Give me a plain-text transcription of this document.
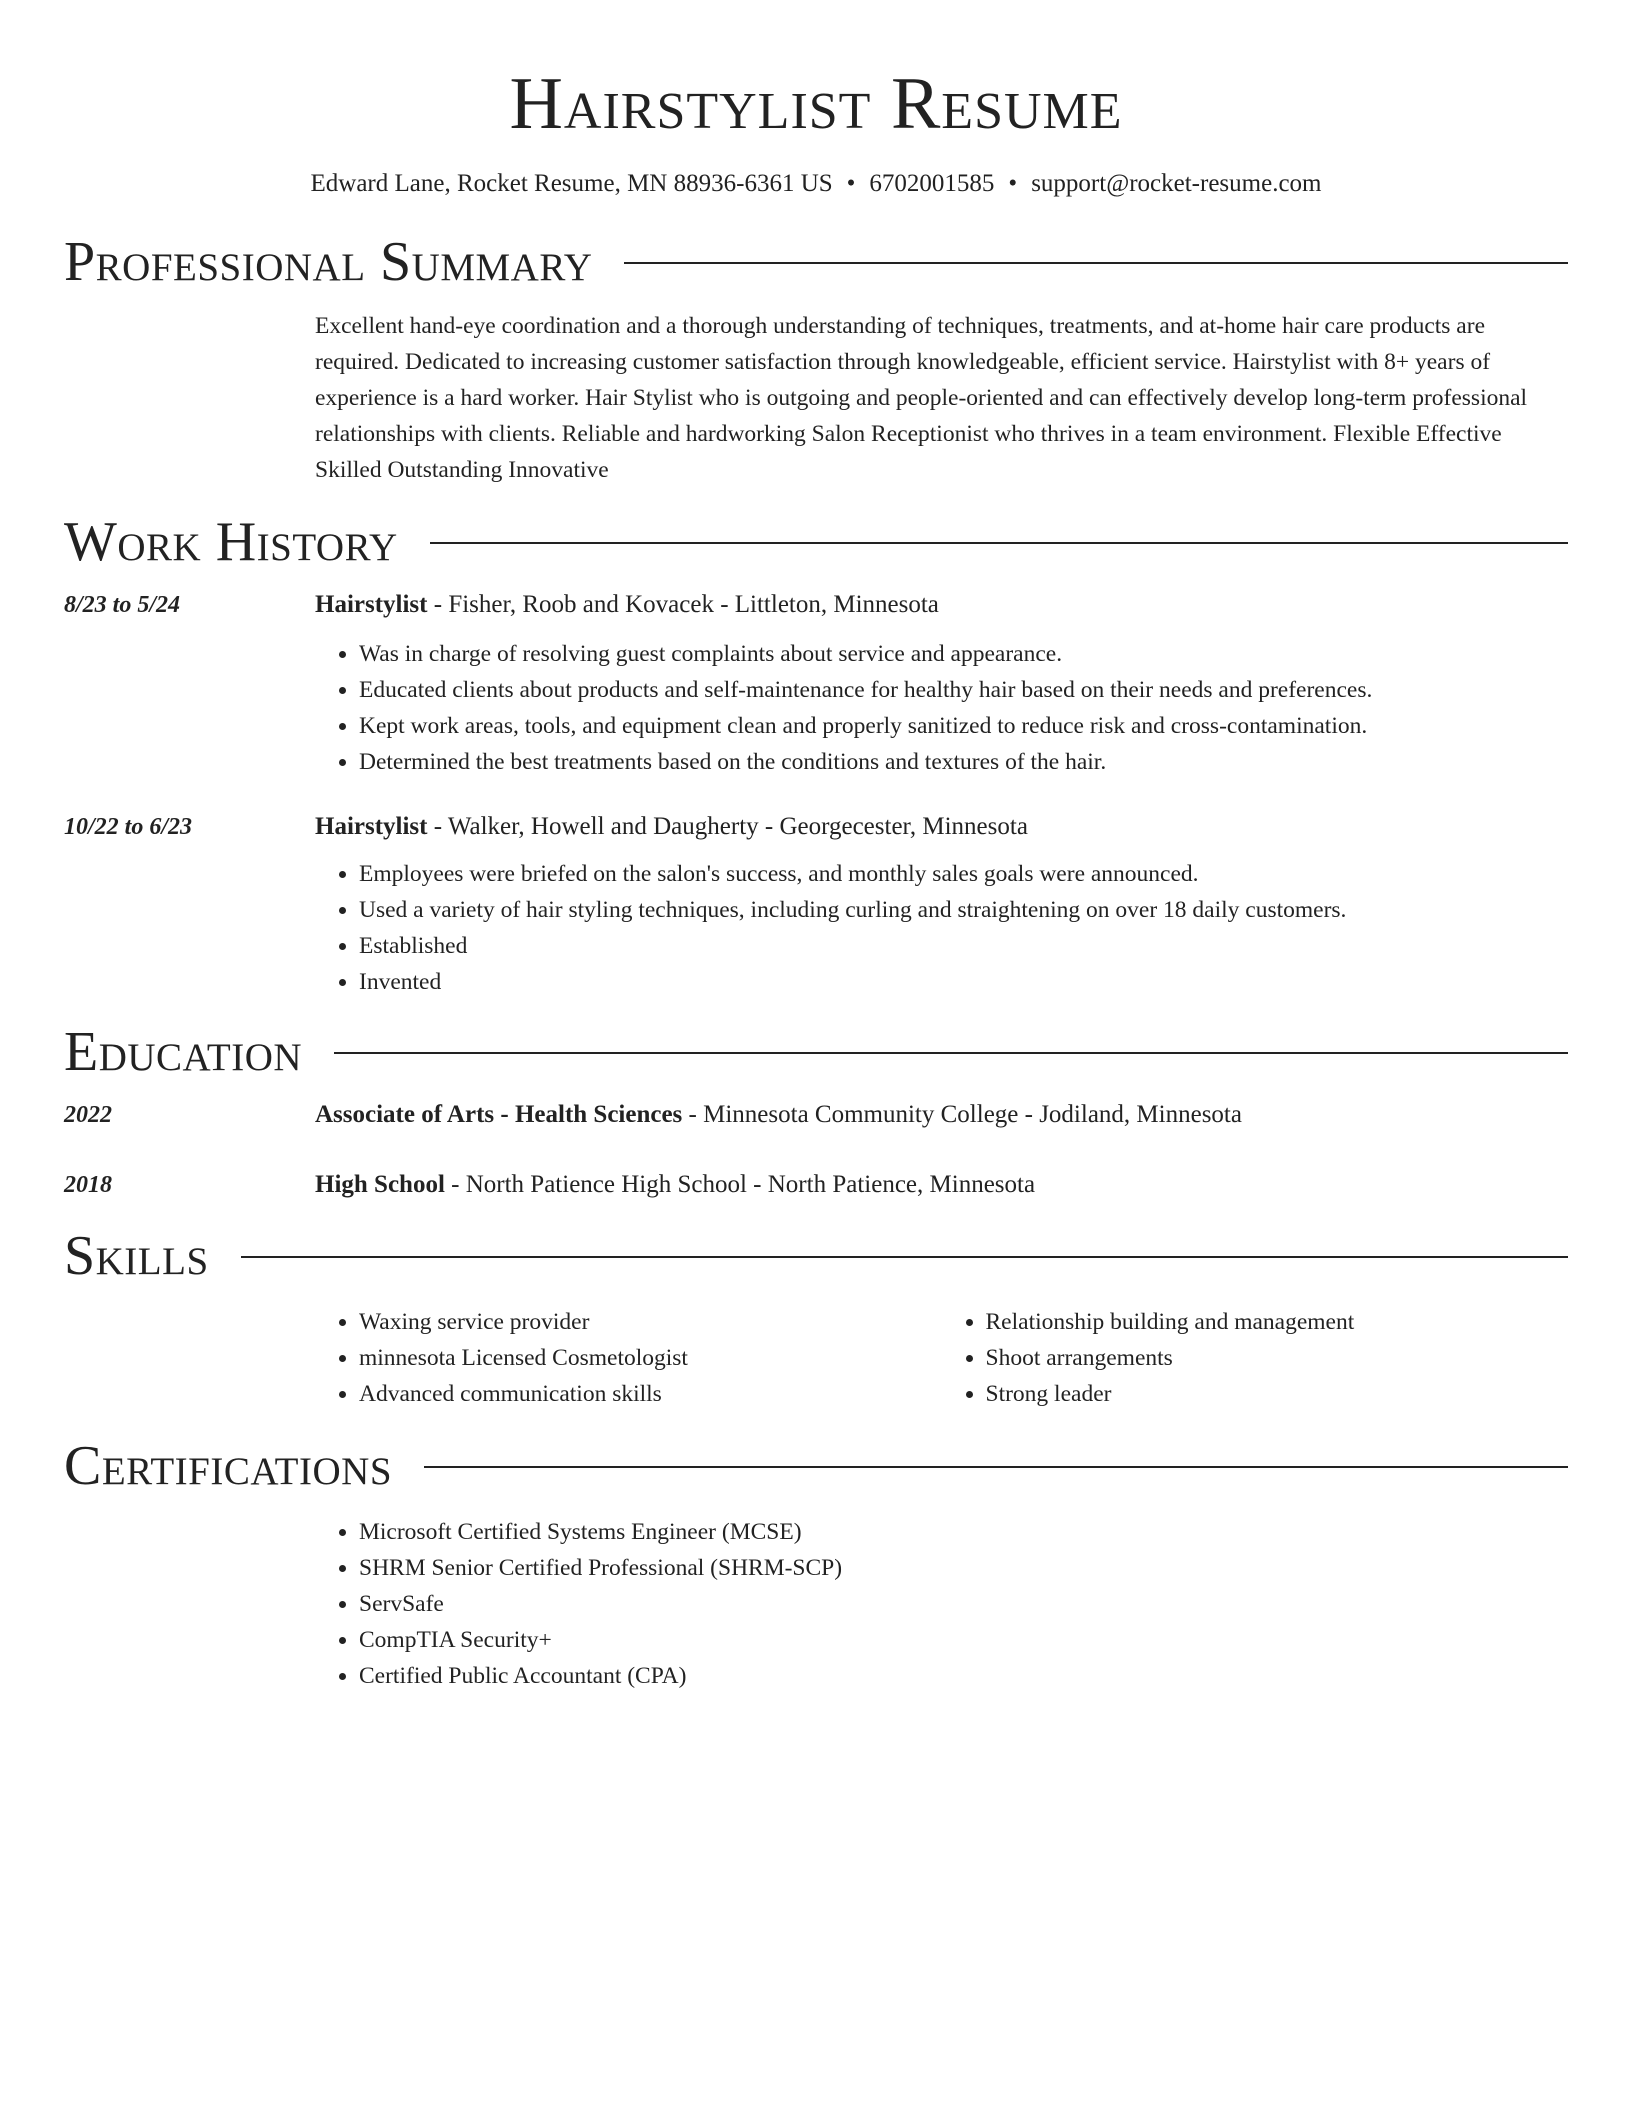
Hairstylist Resume
Edward Lane, Rocket Resume, MN 88936-6361 US • 6702001585 • support@rocket-resume.com
Professional Summary
Excellent hand-eye coordination and a thorough understanding of techniques, treatments, and at-home hair care products are required. Dedicated to increasing customer satisfaction through knowledgeable, efficient service. Hairstylist with 8+ years of experience is a hard worker. Hair Stylist who is outgoing and people-oriented and can effectively develop long-term professional relationships with clients. Reliable and hardworking Salon Receptionist who thrives in a team environment. Flexible Effective Skilled Outstanding Innovative
Work History
8/23 to 5/24	Hairstylist - Fisher, Roob and Kovacek - Littleton, Minnesota
• Was in charge of resolving guest complaints about service and appearance.
• Educated clients about products and self-maintenance for healthy hair based on their needs and preferences.
• Kept work areas, tools, and equipment clean and properly sanitized to reduce risk and cross-contamination.
• Determined the best treatments based on the conditions and textures of the hair.
10/22 to 6/23	Hairstylist - Walker, Howell and Daugherty - Georgecester, Minnesota
• Employees were briefed on the salon's success, and monthly sales goals were announced.
• Used a variety of hair styling techniques, including curling and straightening on over 18 daily customers.
• Established
• Invented
Education
2022	Associate of Arts - Health Sciences - Minnesota Community College - Jodiland, Minnesota
2018	High School - North Patience High School - North Patience, Minnesota
Skills
• Waxing service provider
• minnesota Licensed Cosmetologist
• Advanced communication skills
• Relationship building and management
• Shoot arrangements
• Strong leader
Certifications
• Microsoft Certified Systems Engineer (MCSE)
• SHRM Senior Certified Professional (SHRM-SCP)
• ServSafe
• CompTIA Security+
• Certified Public Accountant (CPA)
